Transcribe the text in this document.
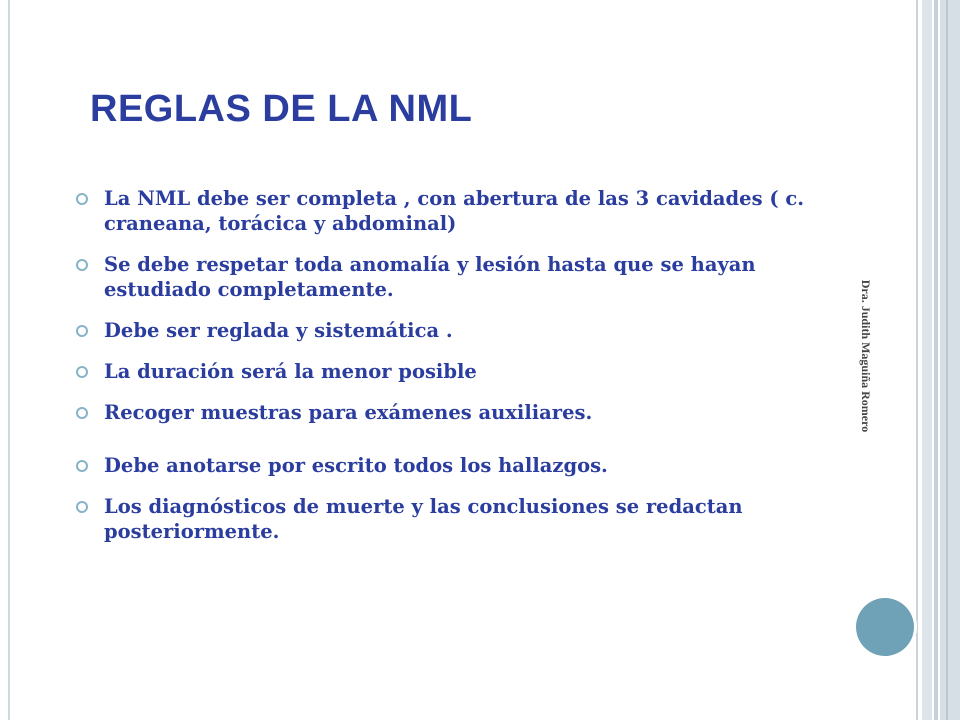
REGLAS DE LA NML
La NML debe ser completa , con abertura de las 3 cavidades ( c. craneana, torácica y abdominal)
Se debe respetar toda anomalía y lesión hasta que se hayan estudiado completamente.
Debe ser reglada y sistemática .
La duración será la menor posible
Recoger muestras para exámenes auxiliares.
Debe anotarse por escrito todos los hallazgos.
Los diagnósticos de muerte y las conclusiones se redactan posteriormente.
Dra. Judith Maguiña Romero
